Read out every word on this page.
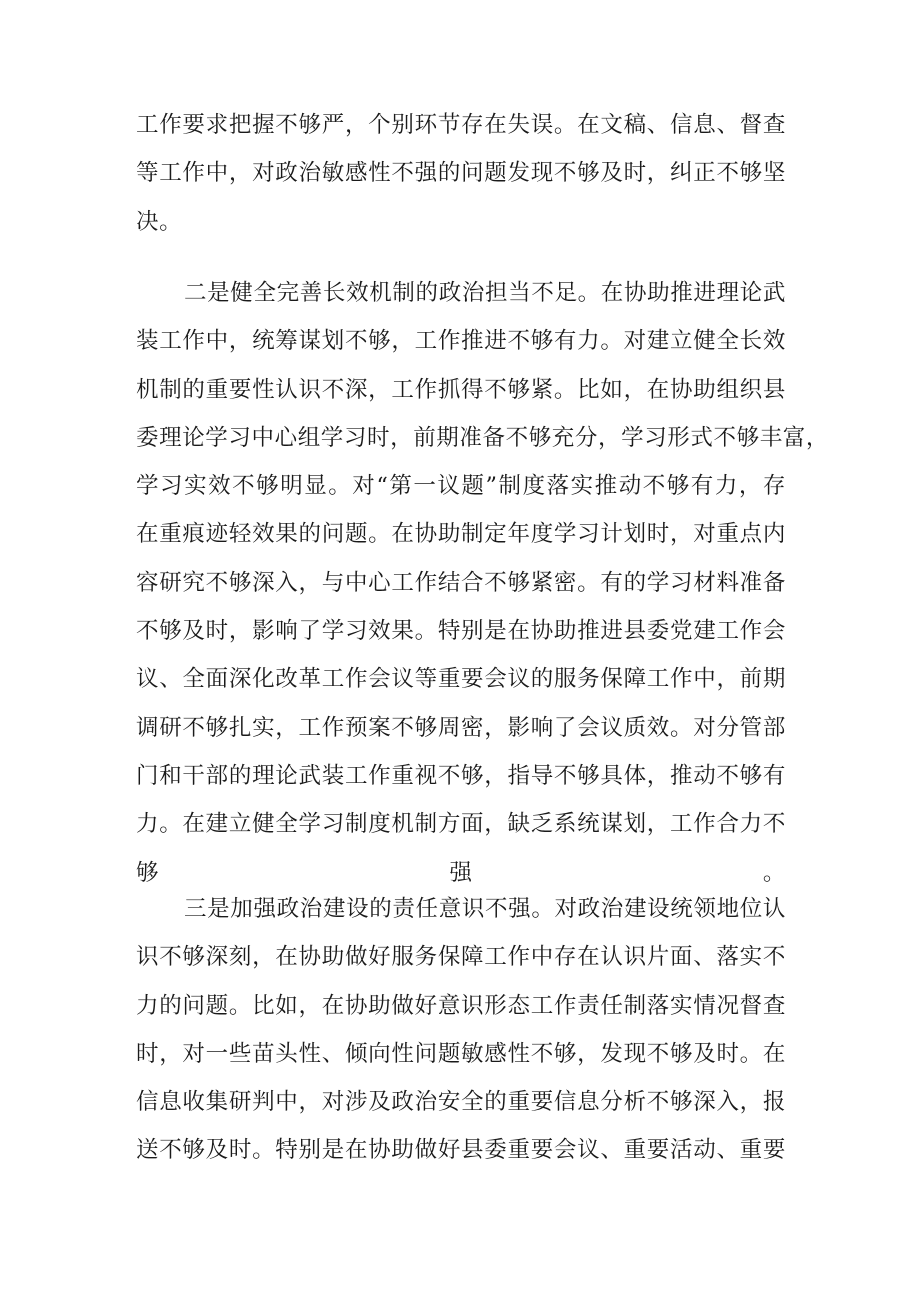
工作要求把握不够严，个别环节存在失误。在文稿、信息、督查
等工作中，对政治敏感性不强的问题发现不够及时，纠正不够坚
决。
二是健全完善长效机制的政治担当不足。在协助推进理论武
装工作中，统筹谋划不够，工作推进不够有力。对建立健全长效
机制的重要性认识不深，工作抓得不够紧。比如，在协助组织县
委理论学习中心组学习时，前期准备不够充分，学习形式不够丰富，
学习实效不够明显。对“第一议题”制度落实推动不够有力，存
在重痕迹轻效果的问题。在协助制定年度学习计划时，对重点内
容研究不够深入，与中心工作结合不够紧密。有的学习材料准备
不够及时，影响了学习效果。特别是在协助推进县委党建工作会
议、全面深化改革工作会议等重要会议的服务保障工作中，前期
调研不够扎实，工作预案不够周密，影响了会议质效。对分管部
门和干部的理论武装工作重视不够，指导不够具体，推动不够有
力。在建立健全学习制度机制方面，缺乏系统谋划，工作合力不
够强。
三是加强政治建设的责任意识不强。对政治建设统领地位认
识不够深刻，在协助做好服务保障工作中存在认识片面、落实不
力的问题。比如，在协助做好意识形态工作责任制落实情况督查
时，对一些苗头性、倾向性问题敏感性不够，发现不够及时。在
信息收集研判中，对涉及政治安全的重要信息分析不够深入，报
送不够及时。特别是在协助做好县委重要会议、重要活动、重要
